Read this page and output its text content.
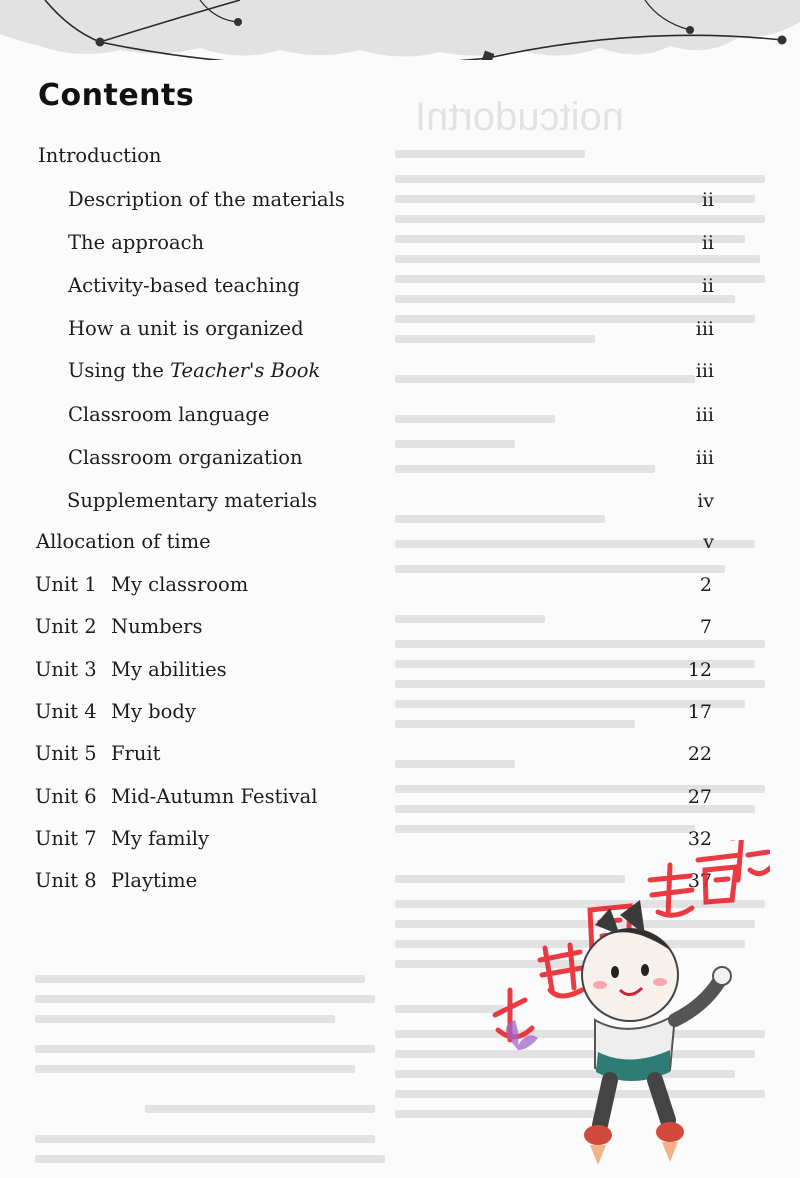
noitcudortnI
Contents
Introduction
Description of the materials	ii
The approach	ii
Activity-based teaching	ii
How a unit is organized	iii
Using the Teacher's Book	iii
Classroom language	iii
Classroom organization	iii
Supplementary materials	iv
Allocation of time	v
Unit 1 My classroom	2
Unit 2 Numbers	7
Unit 3 My abilities	12
Unit 4 My body	17
Unit 5 Fruit	22
Unit 6 Mid-Autumn Festival	27
Unit 7 My family	32
Unit 8 Playtime	37
